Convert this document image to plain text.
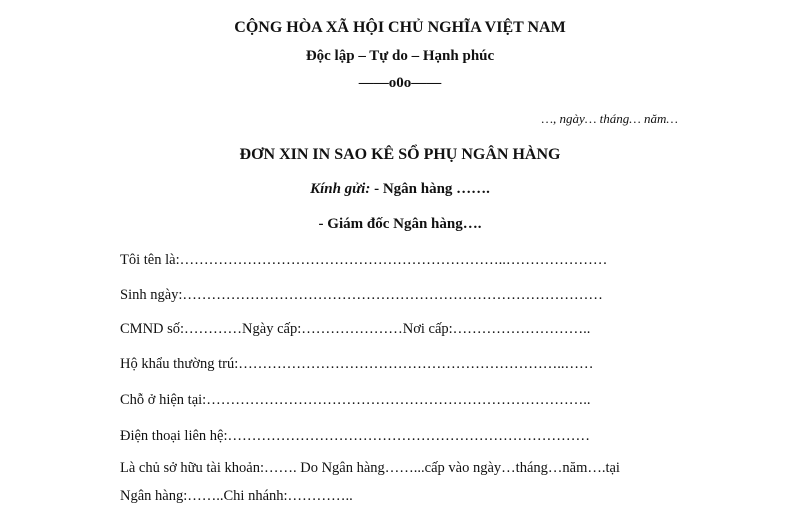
CỘNG HÒA XÃ HỘI CHỦ NGHĨA VIỆT NAM
Độc lập – Tự do – Hạnh phúc
——o0o——
…, ngày… tháng… năm…
ĐƠN XIN IN SAO KÊ SỔ PHỤ NGÂN HÀNG
Kính gửi: - Ngân hàng …….
- Giám đốc Ngân hàng….
Tôi tên là:…………………………………………………………..…………………
Sinh ngày:……………………………………………………………………………
CMND số:…………Ngày cấp:…………………Nơi cấp:………………………..
Hộ khẩu thường trú:…………………………………………………………..……
Chỗ ở hiện tại:……………………………………………………………………..
Điện thoại liên hệ:…………………………………………………………………
Là chủ sở hữu tài khoản:……. Do Ngân hàng……...cấp vào ngày…tháng…năm….tại
Ngân hàng:……..Chi nhánh:…………..
